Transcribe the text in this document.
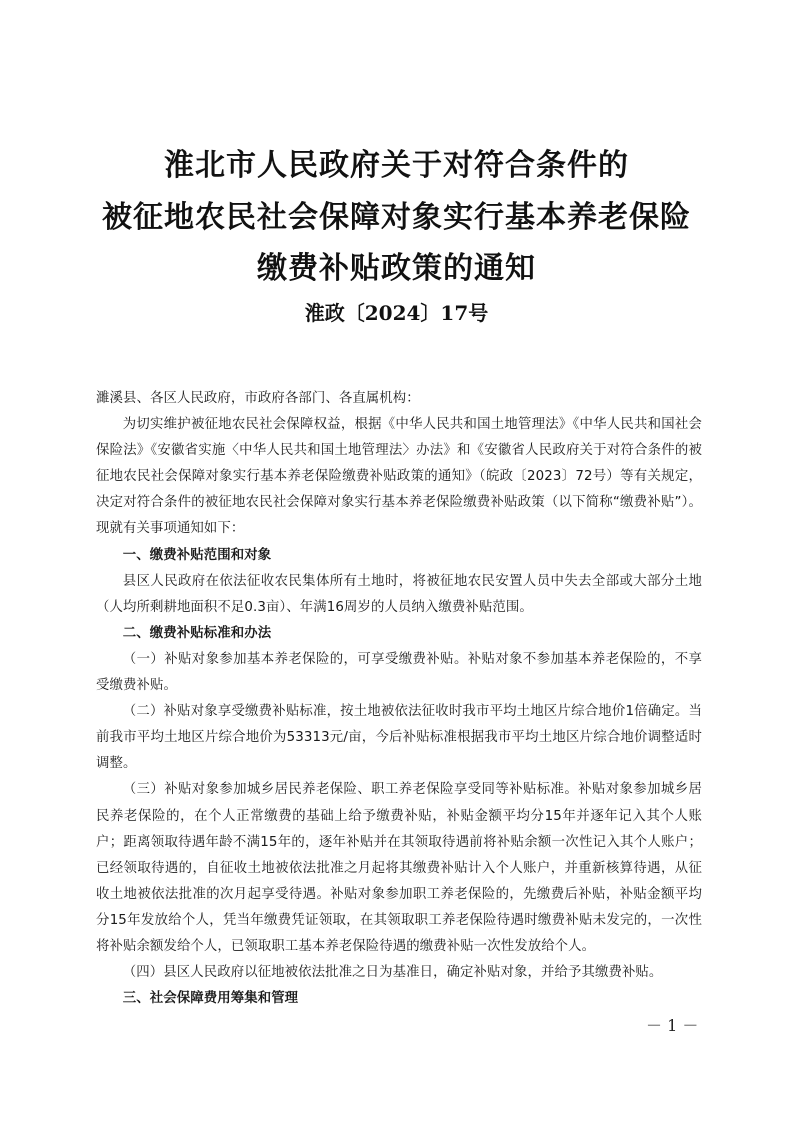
淮北市人民政府关于对符合条件的
被征地农民社会保障对象实行基本养老保险
缴费补贴政策的通知
淮政〔2024〕17号

濉溪县、各区人民政府，市政府各部门、各直属机构：

为切实维护被征地农民社会保障权益，根据《中华人民共和国土地管理法》《中华人民共和国社会保险法》《安徽省实施〈中华人民共和国土地管理法〉办法》和《安徽省人民政府关于对符合条件的被征地农民社会保障对象实行基本养老保险缴费补贴政策的通知》（皖政〔2023〕72号）等有关规定，决定对符合条件的被征地农民社会保障对象实行基本养老保险缴费补贴政策（以下简称“缴费补贴”）。现就有关事项通知如下：

一、缴费补贴范围和对象

县区人民政府在依法征收农民集体所有土地时，将被征地农民安置人员中失去全部或大部分土地（人均所剩耕地面积不足0.3亩）、年满16周岁的人员纳入缴费补贴范围。

二、缴费补贴标准和办法

（一）补贴对象参加基本养老保险的，可享受缴费补贴。补贴对象不参加基本养老保险的，不享受缴费补贴。

（二）补贴对象享受缴费补贴标准，按土地被依法征收时我市平均土地区片综合地价1倍确定。当前我市平均土地区片综合地价为53313元/亩，今后补贴标准根据我市平均土地区片综合地价调整适时调整。

（三）补贴对象参加城乡居民养老保险、职工养老保险享受同等补贴标准。补贴对象参加城乡居民养老保险的，在个人正常缴费的基础上给予缴费补贴，补贴金额平均分15年并逐年记入其个人账户；距离领取待遇年龄不满15年的，逐年补贴并在其领取待遇前将补贴余额一次性记入其个人账户；已经领取待遇的，自征收土地被依法批准之月起将其缴费补贴计入个人账户，并重新核算待遇，从征收土地被依法批准的次月起享受待遇。补贴对象参加职工养老保险的，先缴费后补贴，补贴金额平均分15年发放给个人，凭当年缴费凭证领取，在其领取职工养老保险待遇时缴费补贴未发完的，一次性将补贴余额发给个人，已领取职工基本养老保险待遇的缴费补贴一次性发放给个人。

（四）县区人民政府以征地被依法批准之日为基准日，确定补贴对象，并给予其缴费补贴。

三、社会保障费用筹集和管理

－ 1 －
